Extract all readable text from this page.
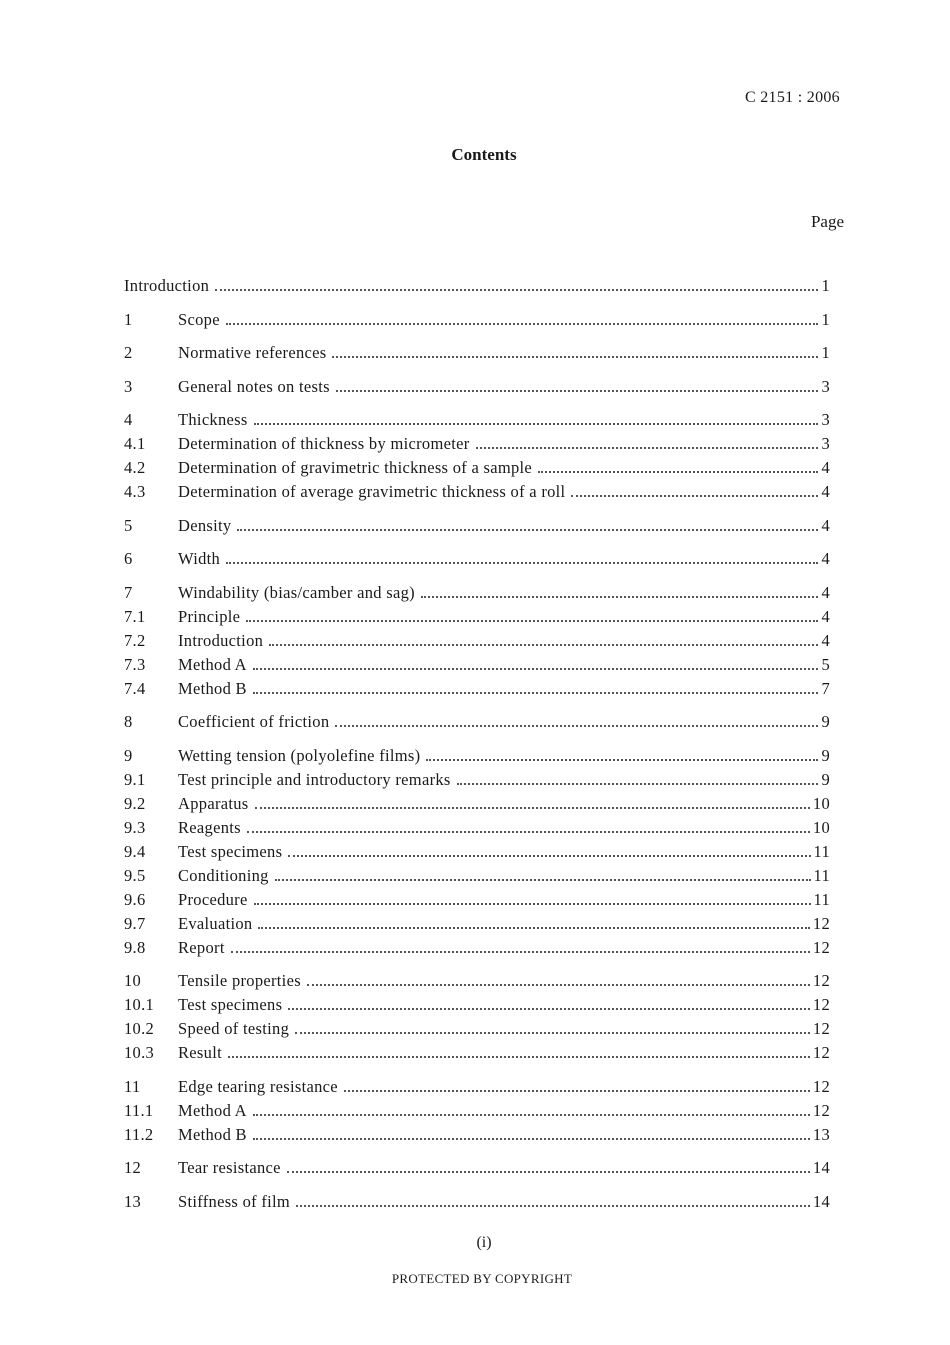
C 2151 : 2006
Contents
Page
Introduction	1
1	Scope	1
2	Normative references	1
3	General notes on tests	3
4	Thickness	3
4.1	Determination of thickness by micrometer	3
4.2	Determination of gravimetric thickness of a sample	4
4.3	Determination of average gravimetric thickness of a roll	4
5	Density	4
6	Width	4
7	Windability (bias/camber and sag)	4
7.1	Principle	4
7.2	Introduction	4
7.3	Method A	5
7.4	Method B	7
8	Coefficient of friction	9
9	Wetting tension (polyolefine films)	9
9.1	Test principle and introductory remarks	9
9.2	Apparatus	10
9.3	Reagents	10
9.4	Test specimens	11
9.5	Conditioning	11
9.6	Procedure	11
9.7	Evaluation	12
9.8	Report	12
10	Tensile properties	12
10.1	Test specimens	12
10.2	Speed of testing	12
10.3	Result	12
11	Edge tearing resistance	12
11.1	Method A	12
11.2	Method B	13
12	Tear resistance	14
13	Stiffness of film	14
(i)
PROTECTED BY COPYRIGHT
